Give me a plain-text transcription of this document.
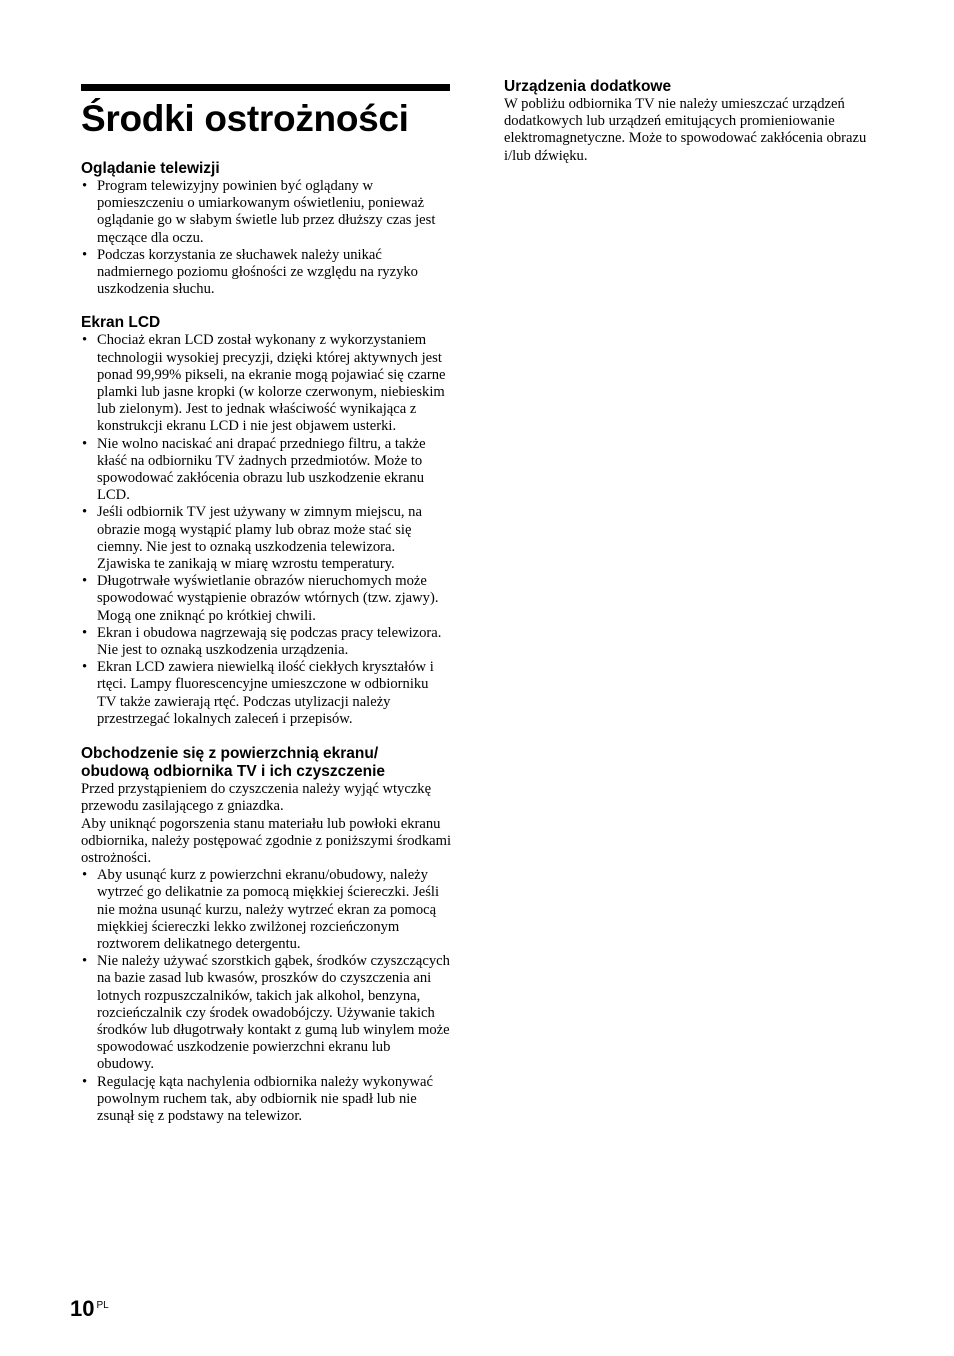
Środki ostrożności
Oglądanie telewizji
• Program telewizyjny powinien być oglądany w pomieszczeniu o umiarkowanym oświetleniu, ponieważ oglądanie go w słabym świetle lub przez dłuższy czas jest męczące dla oczu.
• Podczas korzystania ze słuchawek należy unikać nadmiernego poziomu głośności ze względu na ryzyko uszkodzenia słuchu.
Ekran LCD
• Chociaż ekran LCD został wykonany z wykorzystaniem technologii wysokiej precyzji, dzięki której aktywnych jest ponad 99,99% pikseli, na ekranie mogą pojawiać się czarne plamki lub jasne kropki (w kolorze czerwonym, niebieskim lub zielonym). Jest to jednak właściwość wynikająca z konstrukcji ekranu LCD i nie jest objawem usterki.
• Nie wolno naciskać ani drapać przedniego filtru, a także kłaść na odbiorniku TV żadnych przedmiotów. Może to spowodować zakłócenia obrazu lub uszkodzenie ekranu LCD.
• Jeśli odbiornik TV jest używany w zimnym miejscu, na obrazie mogą wystąpić plamy lub obraz może stać się ciemny. Nie jest to oznaką uszkodzenia telewizora. Zjawiska te zanikają w miarę wzrostu temperatury.
• Długotrwałe wyświetlanie obrazów nieruchomych może spowodować wystąpienie obrazów wtórnych (tzw. zjawy). Mogą one zniknąć po krótkiej chwili.
• Ekran i obudowa nagrzewają się podczas pracy telewizora. Nie jest to oznaką uszkodzenia urządzenia.
• Ekran LCD zawiera niewielką ilość ciekłych kryształów i rtęci. Lampy fluorescencyjne umieszczone w odbiorniku TV także zawierają rtęć. Podczas utylizacji należy przestrzegać lokalnych zaleceń i przepisów.
Obchodzenie się z powierzchnią ekranu/
obudową odbiornika TV i ich czyszczenie

Przed przystąpieniem do czyszczenia należy wyjąć wtyczkę przewodu zasilającego z gniazdka.

Aby uniknąć pogorszenia stanu materiału lub powłoki ekranu odbiornika, należy postępować zgodnie z poniższymi środkami ostrożności.

• Aby usunąć kurz z powierzchni ekranu/obudowy, należy wytrzeć go delikatnie za pomocą miękkiej ściereczki. Jeśli nie można usunąć kurzu, należy wytrzeć ekran za pomocą miękkiej ściereczki lekko zwilżonej rozcieńczonym roztworem delikatnego detergentu.
• Nie należy używać szorstkich gąbek, środków czyszczących na bazie zasad lub kwasów, proszków do czyszczenia ani lotnych rozpuszczalników, takich jak alkohol, benzyna, rozcieńczalnik czy środek owadobójczy. Używanie takich środków lub długotrwały kontakt z gumą lub winylem może spowodować uszkodzenie powierzchni ekranu lub obudowy.
• Regulację kąta nachylenia odbiornika należy wykonywać powolnym ruchem tak, aby odbiornik nie spadł lub nie zsunął się z podstawy na telewizor.
Urządzenia dodatkowe

W pobliżu odbiornika TV nie należy umieszczać urządzeń dodatkowych lub urządzeń emitujących promieniowanie elektromagnetyczne. Może to spowodować zakłócenia obrazu i/lub dźwięku.

10 $^{PL}$
